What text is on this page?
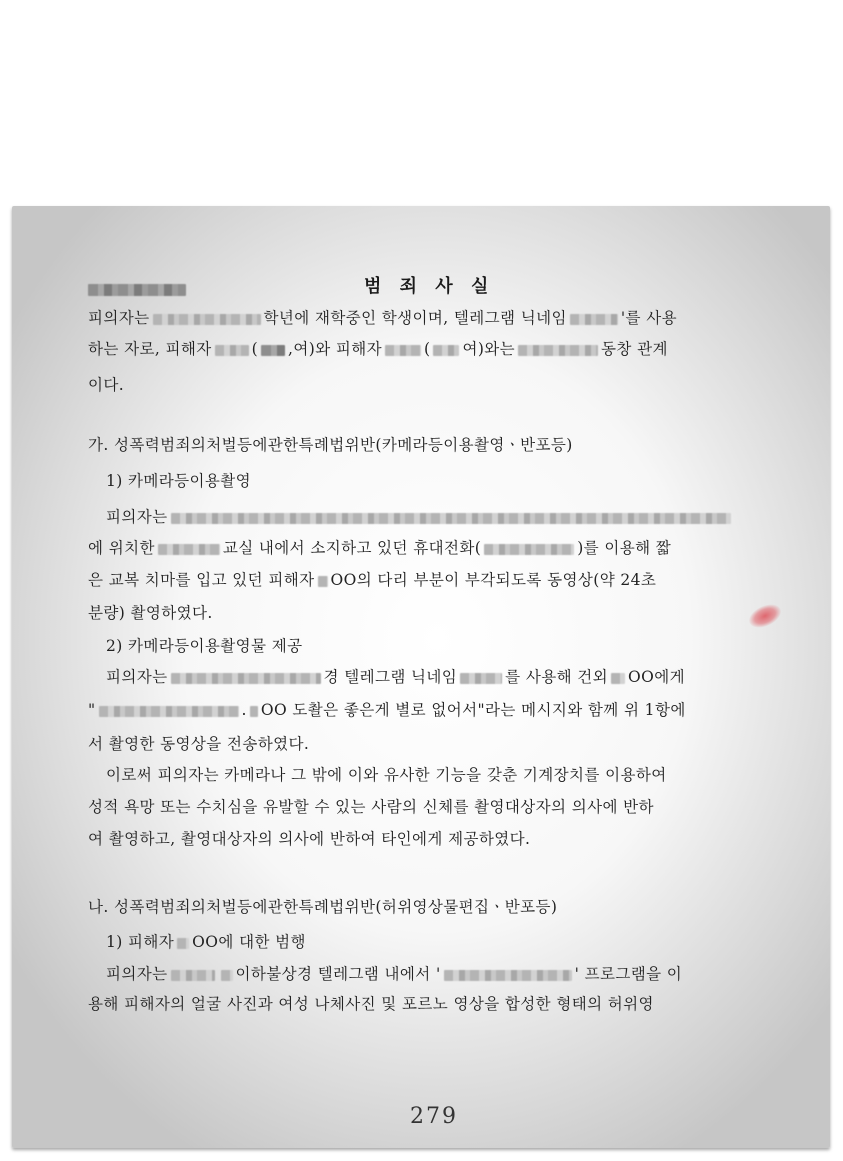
범 죄 사 실
피의자는	학년에 재학중인 학생이며, 텔레그램 닉네임	'를 사용
하는 자로, 피해자	( ,여)와 피해자	( 여)와는	동창 관계
이다.
가. 성폭력범죄의처벌등에관한특례법위반(카메라등이용촬영ㆍ반포등)
1) 카메라등이용촬영
피의자는
에 위치한	교실 내에서 소지하고 있던 휴대전화(	)를 이용해 짧
은 교복 치마를 입고 있던 피해자 OO의 다리 부분이 부각되도록 동영상(약 24초
분량) 촬영하였다.
2) 카메라등이용촬영물 제공
피의자는	경 텔레그램 닉네임	를 사용해 건외 OO에게
"	. OO 도촬은 좋은게 별로 없어서"라는 메시지와 함께 위 1항에
서 촬영한 동영상을 전송하였다.
이로써 피의자는 카메라나 그 밖에 이와 유사한 기능을 갖춘 기계장치를 이용하여
성적 욕망 또는 수치심을 유발할 수 있는 사람의 신체를 촬영대상자의 의사에 반하
여 촬영하고, 촬영대상자의 의사에 반하여 타인에게 제공하였다.
나. 성폭력범죄의처벌등에관한특례법위반(허위영상물편집ㆍ반포등)
1) 피해자 OO에 대한 범행
피의자는	이하불상경 텔레그램 내에서 '	' 프로그램을 이
용해 피해자의 얼굴 사진과 여성 나체사진 및 포르노 영상을 합성한 형태의 허위영
279
